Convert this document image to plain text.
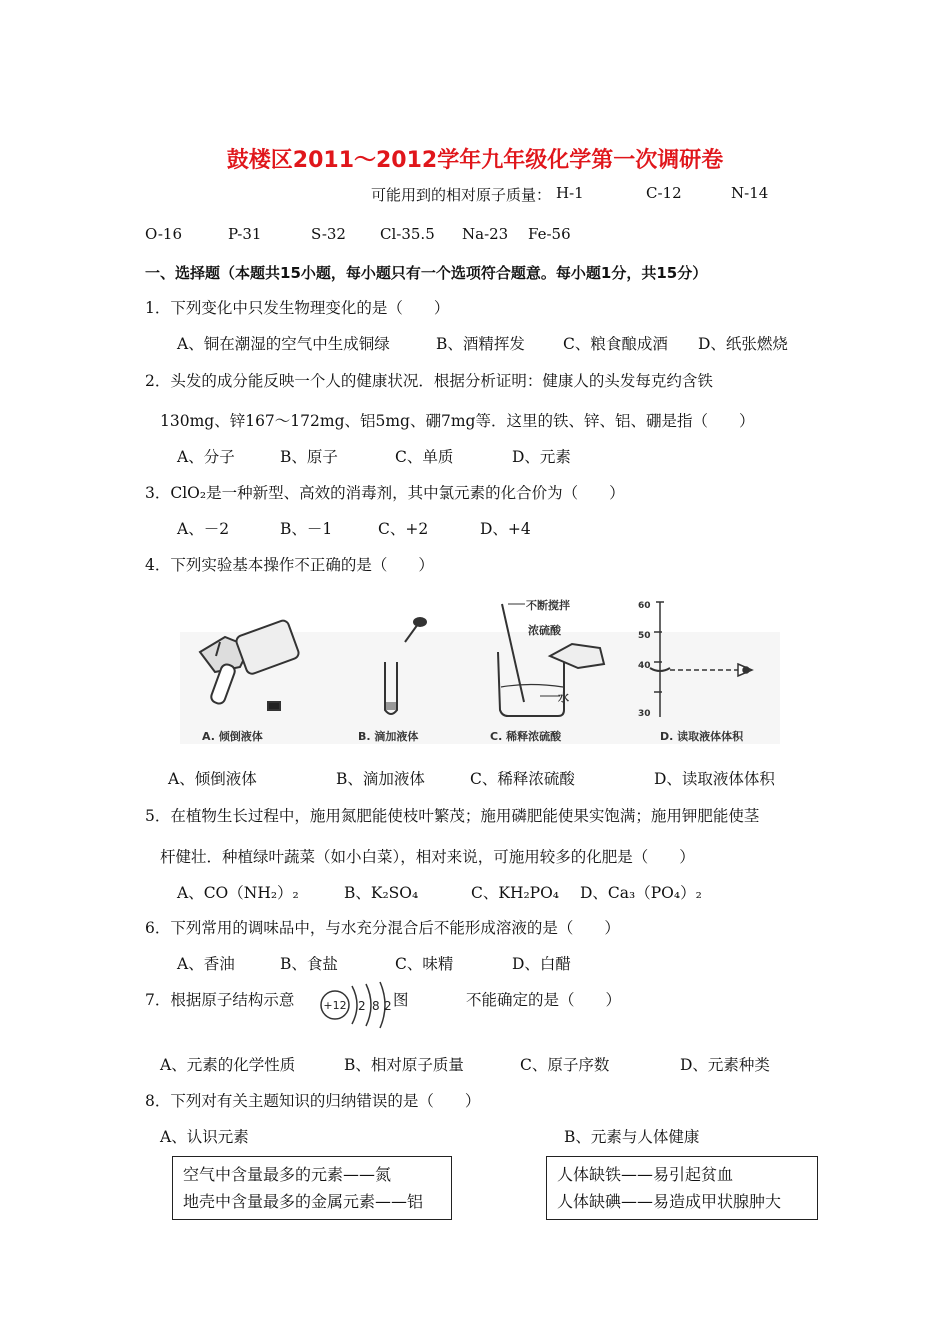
鼓楼区2011～2012学年九年级化学第一次调研卷
可能用到的相对原子质量： H-1	C-12	N-14
O-16	P-31	S-32 Cl-35.5 Na-23 Fe-56
一、选择题（本题共15小题，每小题只有一个选项符合题意。每小题1分，共15分）
1．下列变化中只发生物理变化的是（　　）
A、铜在潮湿的空气中生成铜绿	B、酒精挥发 C、粮食酿成酒 D、纸张燃烧
2．头发的成分能反映一个人的健康状况．根据分析证明：健康人的头发每克约含铁
130mg、锌167～172mg、铝5mg、硼7mg等．这里的铁、锌、铝、硼是指（　　）
A、分子	B、原子	C、单质	D、元素
3．ClO₂是一种新型、高效的消毒剂，其中氯元素的化合价为（　　）
A、－2	B、－1	C、+2	D、+4
4．下列实验基本操作不正确的是（　　）
不断搅拌
浓硫酸
水
60
50
40
30
A. 倾倒液体	B. 滴加液体	C. 稀释浓硫酸	D. 读取液体体积
A、倾倒液体	B、滴加液体	C、稀释浓硫酸	D、读取液体体积
5．在植物生长过程中，施用氮肥能使枝叶繁茂；施用磷肥能使果实饱满；施用钾肥能使茎
杆健壮．种植绿叶蔬菜（如小白菜），相对来说，可施用较多的化肥是（　　）
A、CO（NH₂）₂	B、K₂SO₄	C、KH₂PO₄ D、Ca₃（PO₄）₂
6．下列常用的调味品中，与水充分混合后不能形成溶液的是（　　）
A、香油	B、食盐	C、味精	D、白醋
7．根据原子结构示意	+12 2 8 2 图	不能确定的是（　　）
A、元素的化学性质	B、相对原子质量	C、原子序数	D、元素种类
8．下列对有关主题知识的归纳错误的是（　　）
A、认识元素	B、元素与人体健康
空气中含量最多的元素——氮
地壳中含量最多的金属元素——铝
人体缺铁——易引起贫血
人体缺碘——易造成甲状腺肿大
